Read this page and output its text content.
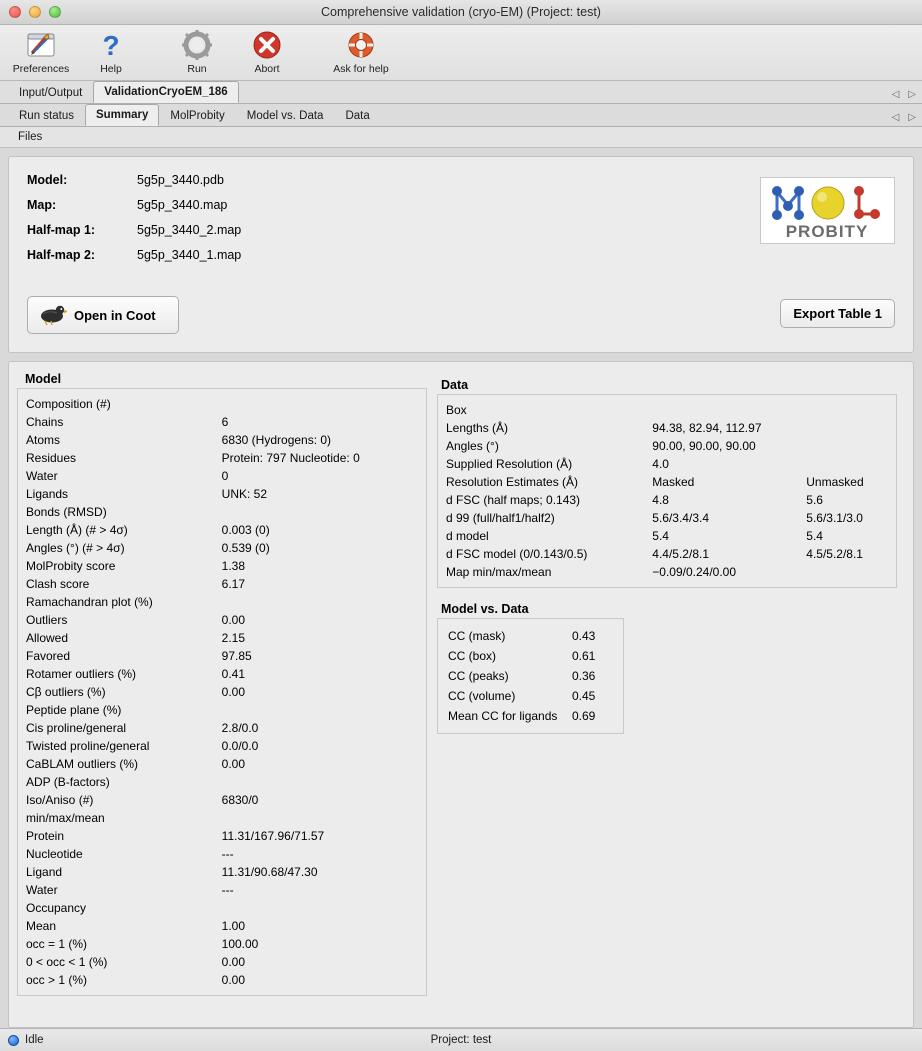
Comprehensive validation (cryo-EM) (Project: test)
Preferences
?
Help	Run	Abort	Ask for help
Input/Output	ValidationCryoEM_186	◁ ▷
Run status	Summary	MolProbity	Model vs. Data	Data	◁ ▷
Files
Model:	5g5p_3440.pdb
Map:	5g5p_3440.map
Half-map 1:	5g5p_3440_2.map
Half-map 2:	5g5p_3440_1.map
PROBITY
Open in Coot	Export Table 1
Model
Composition (#)	
Chains	6
Atoms	6830 (Hydrogens: 0)
Residues	Protein: 797 Nucleotide: 0
Water	0
Ligands	UNK: 52
Bonds (RMSD)	
Length (Å) (# > 4σ)	0.003 (0)
Angles (°) (# > 4σ)	0.539 (0)
MolProbity score	1.38
Clash score	6.17
Ramachandran plot (%)	
Outliers	0.00
Allowed	2.15
Favored	97.85
Rotamer outliers (%)	0.41
Cβ outliers (%)	0.00
Peptide plane (%)	
Cis proline/general	2.8/0.0
Twisted proline/general	0.0/0.0
CaBLAM outliers (%)	0.00
ADP (B-factors)	
Iso/Aniso (#)	6830/0
min/max/mean	
Protein	11.31/167.96/71.57
Nucleotide	---
Ligand	11.31/90.68/47.30
Water	---
Occupancy	
Mean	1.00
occ = 1 (%)	100.00
0 < occ < 1 (%)	0.00
occ > 1 (%)	0.00
Data
Box		
Lengths (Å)	94.38, 82.94, 112.97	
Angles (°)	90.00, 90.00, 90.00	
Supplied Resolution (Å)	4.0	
Resolution Estimates (Å)	Masked	Unmasked
d FSC (half maps; 0.143)	4.8	5.6
d 99 (full/half1/half2)	5.6/3.4/3.4	5.6/3.1/3.0
d model	5.4	5.4
d FSC model (0/0.143/0.5)	4.4/5.2/8.1	4.5/5.2/8.1
Map min/max/mean	−0.09/0.24/0.00	
Model vs. Data
CC (mask)	0.43
CC (box)	0.61
CC (peaks)	0.36
CC (volume)	0.45
Mean CC for ligands	0.69
Idle	Project: test
